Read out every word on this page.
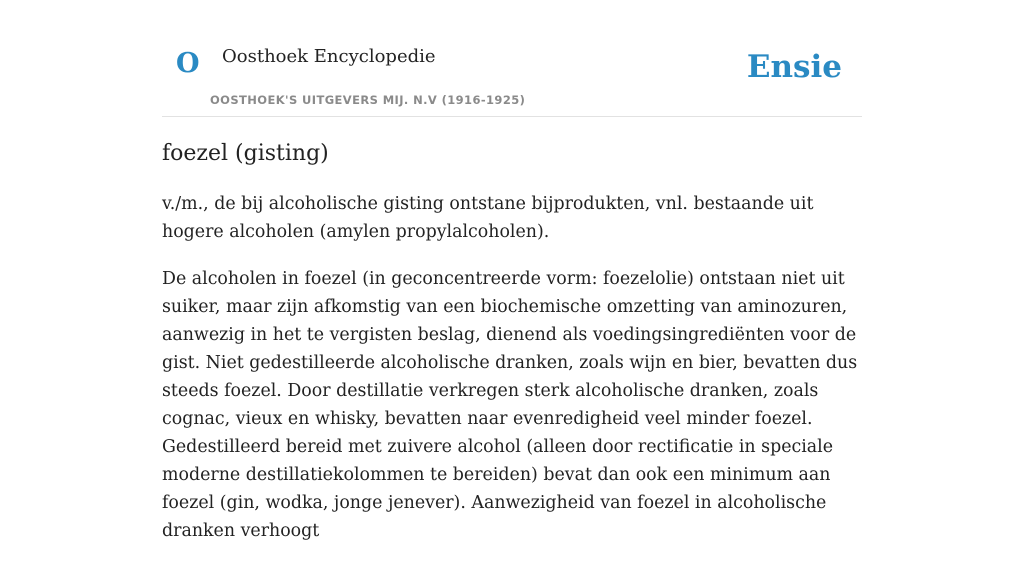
O Oosthoek Encyclopedie
OOSTHOEK'S UITGEVERS MIJ. N.V (1916-1925)
Ensie
foezel (gisting)

v./m., de bij alcoholische gisting ontstane bijprodukten, vnl. bestaande uit hogere alcoholen (amylen propylalcoholen).

De alcoholen in foezel (in geconcentreerde vorm: foezelolie) ontstaan niet uit suiker, maar zijn afkomstig van een biochemische omzetting van aminozuren, aanwezig in het te vergisten beslag, dienend als voedingsingrediënten voor de gist. Niet gedestilleerde alcoholische dranken, zoals wijn en bier, bevatten dus steeds foezel. Door destillatie verkregen sterk alcoholische dranken, zoals cognac, vieux en whisky, bevatten naar evenredigheid veel minder foezel. Gedestilleerd bereid met zuivere alcohol (alleen door rectificatie in speciale moderne destillatiekolommen te bereiden) bevat dan ook een minimum aan foezel (gin, wodka, jonge jenever). Aanwezigheid van foezel in alcoholische dranken verhoogt
